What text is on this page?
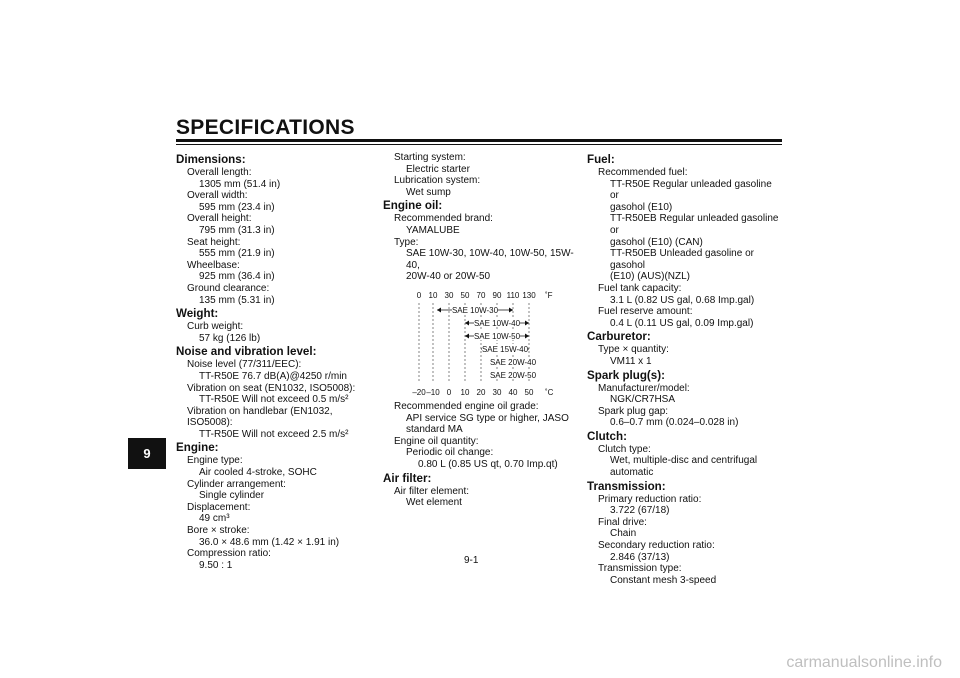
SPECIFICATIONS
9
Dimensions:
Overall length:
1305 mm (51.4 in)
Overall width:
595 mm (23.4 in)
Overall height:
795 mm (31.3 in)
Seat height:
555 mm (21.9 in)
Wheelbase:
925 mm (36.4 in)
Ground clearance:
135 mm (5.31 in)
Weight:
Curb weight:
57 kg (126 lb)
Noise and vibration level:
Noise level (77/311/EEC):
TT-R50E 76.7 dB(A)@4250 r/min
Vibration on seat (EN1032, ISO5008):
TT-R50E Will not exceed 0.5 m/s²
Vibration on handlebar (EN1032, ISO5008):
TT-R50E Will not exceed 2.5 m/s²
Engine:
Engine type:
Air cooled 4-stroke, SOHC
Cylinder arrangement:
Single cylinder
Displacement:
49 cm³
Bore × stroke:
36.0 × 48.6 mm (1.42 × 1.91 in)
Compression ratio:
9.50 : 1
Starting system:
Electric starter
Lubrication system:
Wet sump
Engine oil:
Recommended brand:
YAMALUBE
Type:
SAE 10W-30, 10W-40, 10W-50, 15W-40,
20W-40 or 20W-50
0 10 30 50 70 90 110 130 ˚F
–20 –10 0 10 20 30 40 50 ˚C
SAE 10W-30
SAE 10W-40
SAE 10W-50
SAE 15W-40
SAE 20W-40
SAE 20W-50
Recommended engine oil grade:
API service SG type or higher, JASO
standard MA
Engine oil quantity:
Periodic oil change:
0.80 L (0.85 US qt, 0.70 Imp.qt)
Air filter:
Air filter element:
Wet element
Fuel:
Recommended fuel:
TT-R50E Regular unleaded gasoline or
gasohol (E10)
TT-R50EB Regular unleaded gasoline or
gasohol (E10) (CAN)
TT-R50EB Unleaded gasoline or gasohol
(E10) (AUS)(NZL)
Fuel tank capacity:
3.1 L (0.82 US gal, 0.68 Imp.gal)
Fuel reserve amount:
0.4 L (0.11 US gal, 0.09 Imp.gal)
Carburetor:
Type × quantity:
VM11 x 1
Spark plug(s):
Manufacturer/model:
NGK/CR7HSA
Spark plug gap:
0.6–0.7 mm (0.024–0.028 in)
Clutch:
Clutch type:
Wet, multiple-disc and centrifugal
automatic
Transmission:
Primary reduction ratio:
3.722 (67/18)
Final drive:
Chain
Secondary reduction ratio:
2.846 (37/13)
Transmission type:
Constant mesh 3-speed
9-1
carmanualsonline.info
